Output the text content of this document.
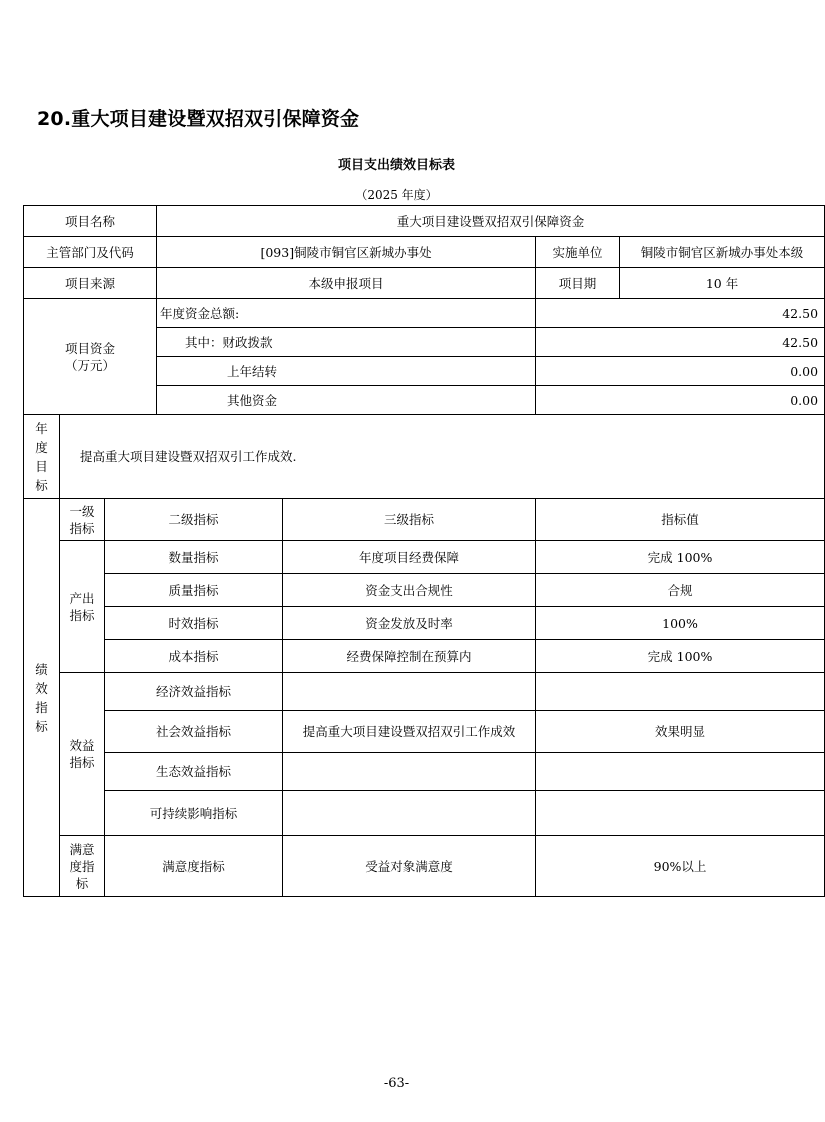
20.重大项目建设暨双招双引保障资金
项目支出绩效目标表
（2025 年度）
项目名称			重大项目建设暨双招双引保障资金			
主管部门及代码			[093]铜陵市铜官区新城办事处		实施单位	铜陵市铜官区新城办事处本级
项目来源			本级申报项目		项目期	10 年

项目资金
（万元）			年度资金总额:		42.50	
			其中：财政拨款		42.50	
			上年结转		0.00	
			其他资金		0.00	
年度目标	提高重大项目建设暨双招双引工作成效.					
绩效指标	一级指标	二级指标		三级指标	指标值	
	产出指标	数量指标		年度项目经费保障	完成 100%	
		质量指标		资金支出合规性	合规	
		时效指标		资金发放及时率	100%	
		成本指标		经费保障控制在预算内	完成 100%	
	效益指标	经济效益指标				
		社会效益指标		提高重大项目建设暨双招双引工作成效	效果明显	
		生态效益指标				
		可持续影响指标				
	满意度指标	满意度指标		受益对象满意度	90%以上	
-63-
